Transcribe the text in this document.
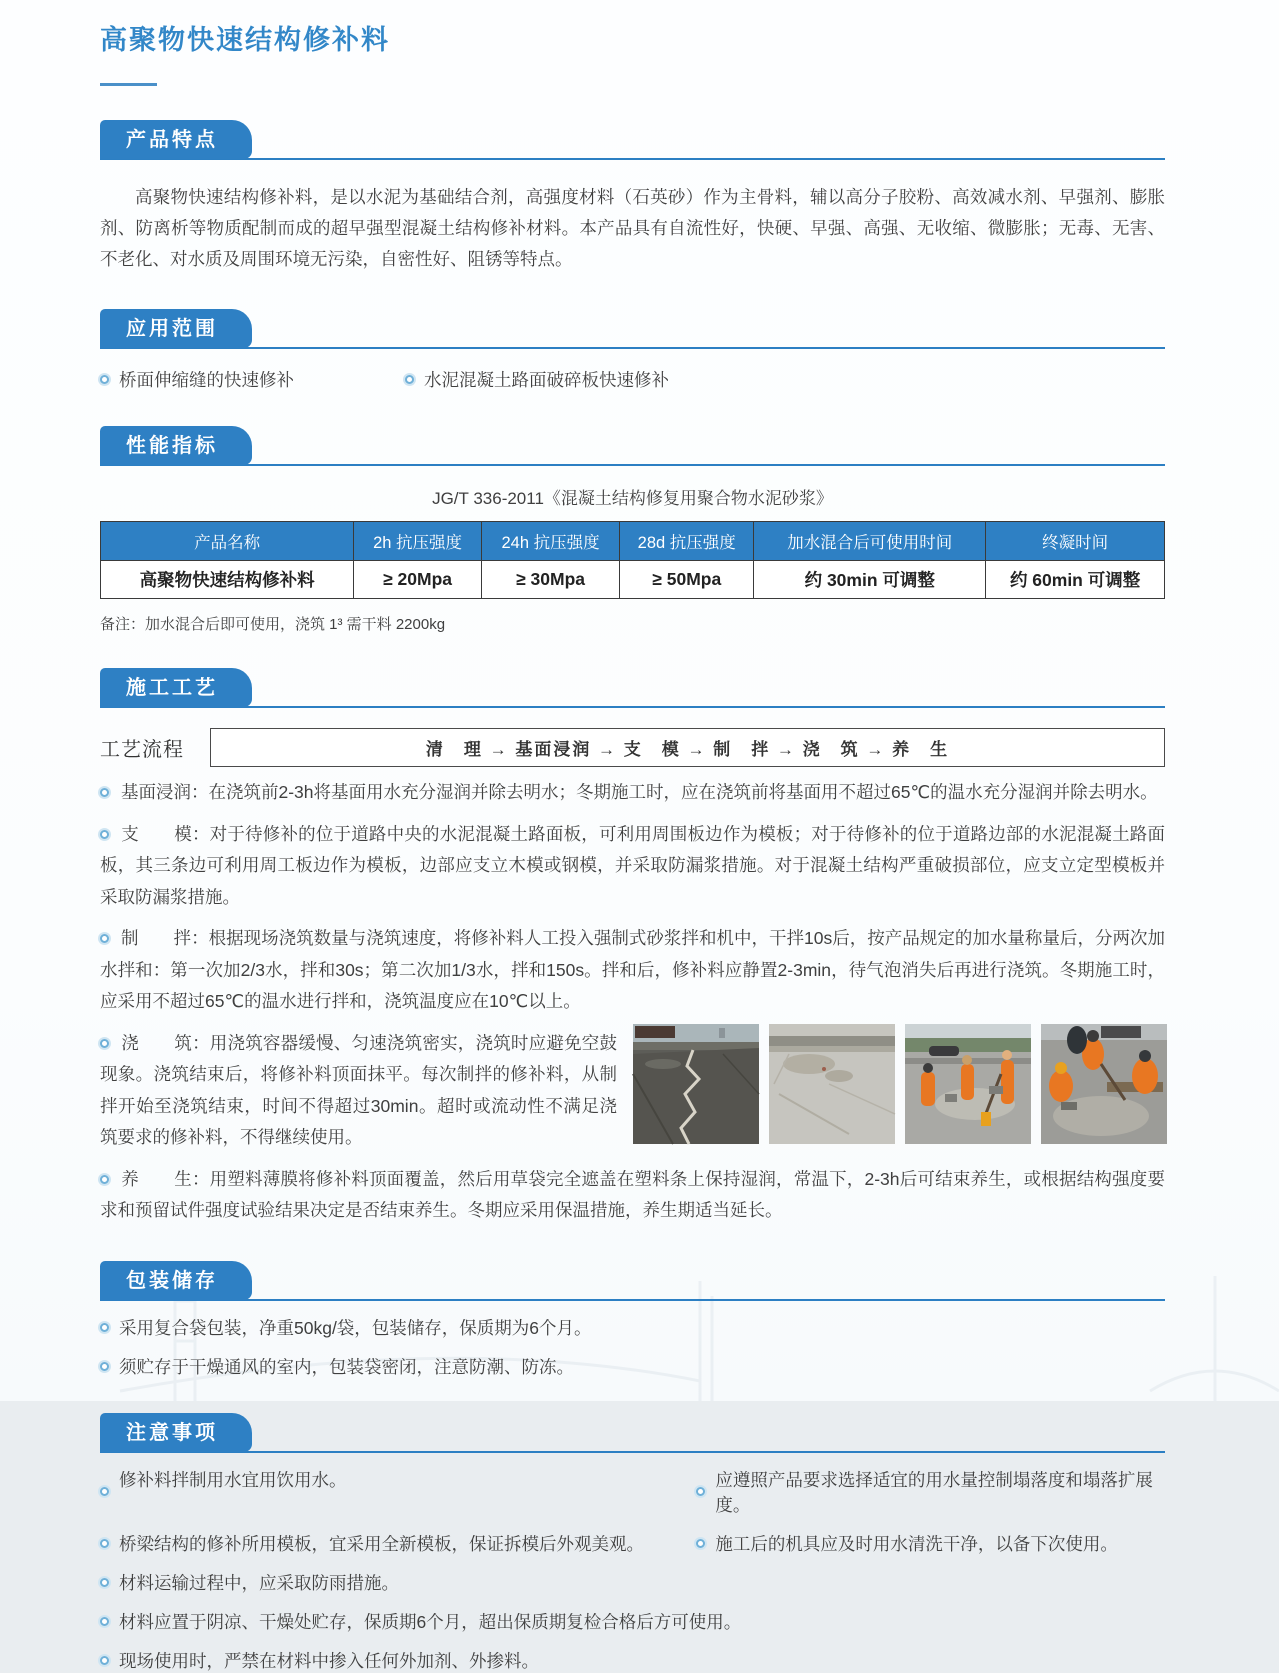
高聚物快速结构修补料
产品特点

高聚物快速结构修补料，是以水泥为基础结合剂，高强度材料（石英砂）作为主骨料，辅以高分子胶粉、高效减水剂、早强剂、膨胀剂、防离析等物质配制而成的超早强型混凝土结构修补材料。本产品具有自流性好，快硬、早强、高强、无收缩、微膨胀；无毒、无害、不老化、对水质及周围环境无污染，自密性好、阻锈等特点。

应用范围
桥面伸缩缝的快速修补	水泥混凝土路面破碎板快速修补
性能指标
JG/T 336-2011《混凝土结构修复用聚合物水泥砂浆》
产品名称	2h 抗压强度	24h 抗压强度	28d 抗压强度	加水混合后可使用时间	终凝时间
高聚物快速结构修补料	≥ 20Mpa	≥ 30Mpa	≥ 50Mpa	约 30min 可调整	约 60min 可调整
备注：加水混合后即可使用，浇筑 1³ 需干料 2200kg
施工工艺
工艺流程	清　理 → 基面浸润 → 支　模 → 制　拌 → 浇　筑 → 养　生

基面浸润：在浇筑前2-3h将基面用水充分湿润并除去明水；冬期施工时，应在浇筑前将基面用不超过65℃的温水充分湿润并除去明水。

支　　模：对于待修补的位于道路中央的水泥混凝土路面板，可利用周围板边作为模板；对于待修补的位于道路边部的水泥混凝土路面板，其三条边可利用周工板边作为模板，边部应支立木模或钢模，并采取防漏浆措施。对于混凝土结构严重破损部位，应支立定型模板并采取防漏浆措施。

制　　拌：根据现场浇筑数量与浇筑速度，将修补料人工投入强制式砂浆拌和机中，干拌10s后，按产品规定的加水量称量后，分两次加水拌和：第一次加2/3水，拌和30s；第二次加1/3水，拌和150s。拌和后，修补料应静置2-3min，待气泡消失后再进行浇筑。冬期施工时，应采用不超过65℃的温水进行拌和，浇筑温度应在10℃以上。

浇　　筑：用浇筑容器缓慢、匀速浇筑密实，浇筑时应避免空鼓现象。浇筑结束后，将修补料顶面抹平。每次制拌的修补料，从制拌开始至浇筑结束，时间不得超过30min。超时或流动性不满足浇筑要求的修补料，不得继续使用。

养　　生：用塑料薄膜将修补料顶面覆盖，然后用草袋完全遮盖在塑料条上保持湿润，常温下，2-3h后可结束养生，或根据结构强度要求和预留试件强度试验结果决定是否结束养生。冬期应采用保温措施，养生期适当延长。

包装储存
采用复合袋包装，净重50kg/袋，包装储存，保质期为6个月。
须贮存于干燥通风的室内，包装袋密闭，注意防潮、防冻。
注意事项
修补料拌制用水宜用饮用水。	应遵照产品要求选择适宜的用水量控制塌落度和塌落扩展度。
桥梁结构的修补所用模板，宜采用全新模板，保证拆模后外观美观。	施工后的机具应及时用水清洗干净，以备下次使用。
材料运输过程中，应采取防雨措施。
材料应置于阴凉、干燥处贮存，保质期6个月，超出保质期复检合格后方可使用。
现场使用时，严禁在材料中掺入任何外加剂、外掺料。
